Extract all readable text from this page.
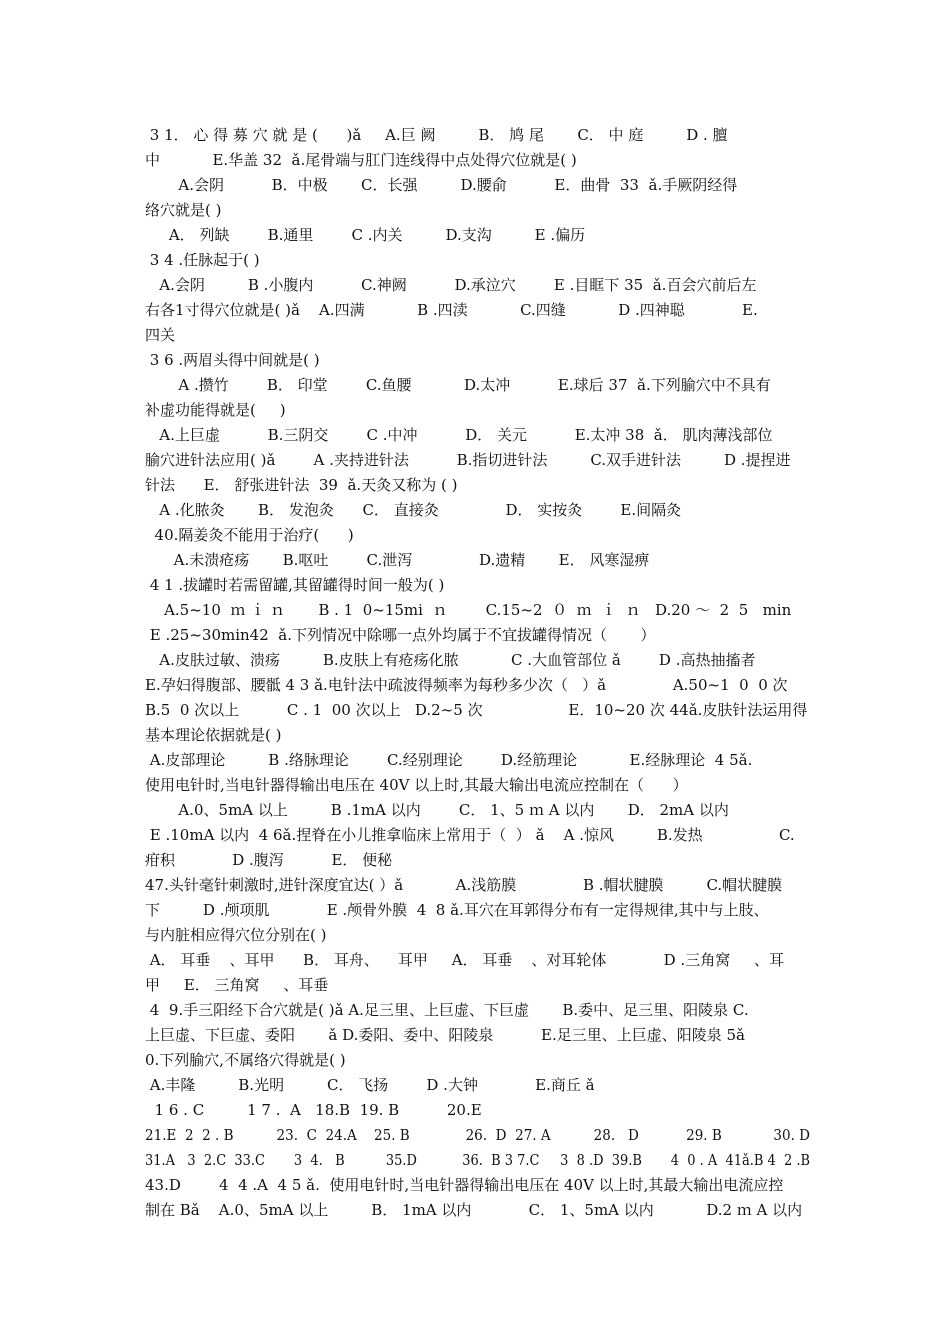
3 1． 心 得 募 穴 就 是 (      )ǎ     A.巨 阙         B． 鸠 尾       C． 中 庭         D . 膻
中           E.华盖 32  ǎ.尾骨端与肛门连线得中点处得穴位就是( )
A.会阴          B．中极       C．长强         D.腰俞          E．曲骨  33  ǎ.手厥阴经得
络穴就是( )
A． 列缺        B.通里        C .内关         D.支沟         E .偏历
3 4 .任脉起于( )
A.会阴         B .小腹内          C.神阙          D.承泣穴        E .目眶下 35  ǎ.百会穴前后左
右各1寸得穴位就是( )ǎ    A.四满           B .四渎           C.四缝           D .四神聪            E.
四关
3 6 .两眉头得中间就是( )
A .攒竹        B． 印堂        C.鱼腰           D.太冲          E.球后 37  ǎ.下列腧穴中不具有
补虚功能得就是(     )
A.上巨虚          B.三阴交        C .中冲          D． 关元          E.太冲 38  ǎ． 肌肉薄浅部位
腧穴进针法应用( )ǎ        A .夹持进针法          B.指切进针法         C.双手进针法         D .提捏进
针法      E． 舒张进针法  39  ǎ.天灸又称为 ( )
A .化脓灸       B． 发泡灸      C． 直接灸              D． 实按灸        E.间隔灸
40.隔姜灸不能用于治疗(      )
A.未溃疮疡       B.呕吐        C.泄泻              D.遗精       E． 风寒湿痹
4 1 .拔罐时若需留罐,其留罐得时间一般为( )
A.5~10  ｍ ｉ ｎ       B . 1  0~15mi  ｎ        C.15~2  ０  ｍ  ｉ  ｎ   D.20 ～  2  5   min
E .25~30min42  ǎ.下列情况中除哪一点外均属于不宜拔罐得情况（       ）
A.皮肤过敏、溃疡         B.皮肤上有疮疡化脓           C .大血管部位 ǎ        D .高热抽搐者
E.孕妇得腹部、腰骶 4 3 ǎ.电针法中疏波得频率为每秒多少次（   ）ǎ              A.50~1  0  0 次
B.5  0 次以上          C . 1  00 次以上   D.2~5 次                  E．10~20 次 44ǎ.皮肤针法运用得
基本理论依据就是( )
A.皮部理论         B .络脉理论        C.经别理论        D.经筋理论           E.经脉理论  4 5ǎ.
使用电针时,当电针器得输出电压在 40V 以上时,其最大输出电流应控制在（      ）
A.0、5mA 以上         B .1mA 以内        C． 1、5 ｍ A 以内       D． 2mA 以内
E .10mA 以内  4 6ǎ.捏脊在小儿推拿临床上常用于（  ） ǎ    A .惊风         B.发热                C.
疳积            D .腹泻          E． 便秘
47.头针毫针刺激时,进针深度宜达( ）ǎ           A.浅筋膜              B .帽状腱膜         C.帽状腱膜
下         D .颅项肌            E .颅骨外膜  4  8 ǎ.耳穴在耳郭得分布有一定得规律,其中与上肢、
与内脏相应得穴位分别在( )
A． 耳垂    、耳甲      B． 耳舟、    耳甲     A． 耳垂    、对耳轮体            D .三角窝     、耳
甲     E． 三角窝     、耳垂
4  9.手三阳经下合穴就是( )ǎ A.足三里、上巨虚、下巨虚       B.委中、足三里、阳陵泉 C.
上巨虚、下巨虚、委阳       ǎ D.委阳、委中、阳陵泉          E.足三里、上巨虚、阳陵泉 5ǎ
0.下列腧穴,不属络穴得就是( )
A.丰隆         B.光明         C． 飞扬        D .大钟            E.商丘 ǎ
1 6 . C         1 7 .  A   18.B  19. B          20.E
21.E  2  2 . B          23.  C  24.A    25. B             26.  D  27. A          28.   D           29. B            30. D
31.A   3  2.C  33.C       3  4.   B          35.D           36.  B 3 7.C     3  8 .D  39.B       4  0 . A  41ǎ.B 4  2 .B
43.D        4  4 .A  4 5 ǎ.  使用电针时,当电针器得输出电压在 40V 以上时,其最大输出电流应控
制在 Bǎ    A.0、5mA 以上         B． 1mA 以内            C． 1、5mA 以内           D.2 ｍ A 以内
